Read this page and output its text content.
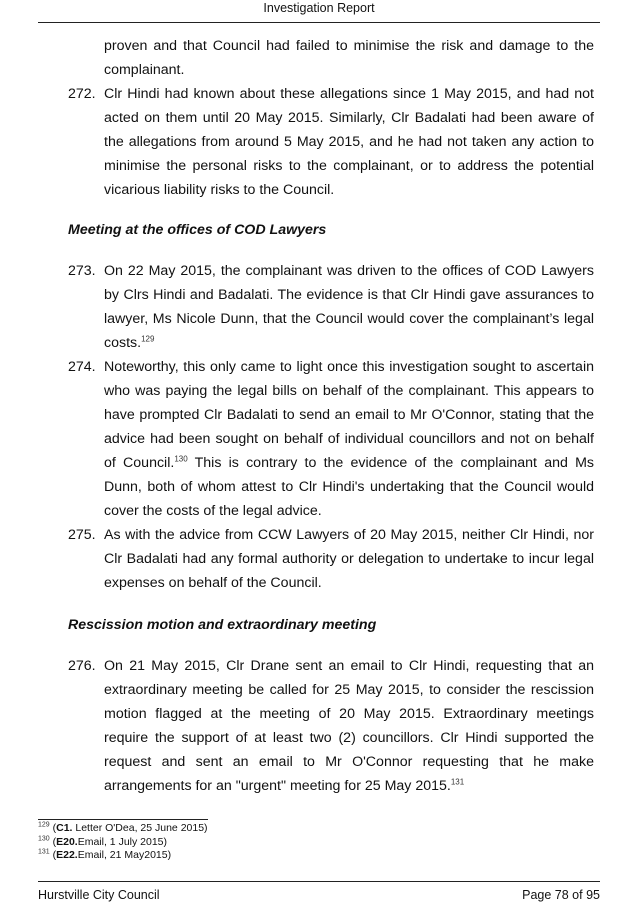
Investigation Report
proven and that Council had failed to minimise the risk and damage to the complainant.
272. Clr Hindi had known about these allegations since 1 May 2015, and had not acted on them until 20 May 2015. Similarly, Clr Badalati had been aware of the allegations from around 5 May 2015, and he had not taken any action to minimise the personal risks to the complainant, or to address the potential vicarious liability risks to the Council.
Meeting at the offices of COD Lawyers
273. On 22 May 2015, the complainant was driven to the offices of COD Lawyers by Clrs Hindi and Badalati. The evidence is that Clr Hindi gave assurances to lawyer, Ms Nicole Dunn, that the Council would cover the complainant’s legal costs.$^{129}$
274. Noteworthy, this only came to light once this investigation sought to ascertain who was paying the legal bills on behalf of the complainant. This appears to have prompted Clr Badalati to send an email to Mr O'Connor, stating that the advice had been sought on behalf of individual councillors and not on behalf of Council.$^{130}$ This is contrary to the evidence of the complainant and Ms Dunn, both of whom attest to Clr Hindi's undertaking that the Council would cover the costs of the legal advice.
275. As with the advice from CCW Lawyers of 20 May 2015, neither Clr Hindi, nor Clr Badalati had any formal authority or delegation to undertake to incur legal expenses on behalf of the Council.
Rescission motion and extraordinary meeting
276. On 21 May 2015, Clr Drane sent an email to Clr Hindi, requesting that an extraordinary meeting be called for 25 May 2015, to consider the rescission motion flagged at the meeting of 20 May 2015. Extraordinary meetings require the support of at least two (2) councillors. Clr Hindi supported the request and sent an email to Mr O'Connor requesting that he make arrangements for an "urgent" meeting for 25 May 2015.$^{131}$
$^{129}$ (C1. Letter O'Dea, 25 June 2015)
$^{130}$ (E20.Email, 1 July 2015)
$^{131}$ (E22.Email, 21 May2015)
Hurstville City Council	Page 78 of 95
